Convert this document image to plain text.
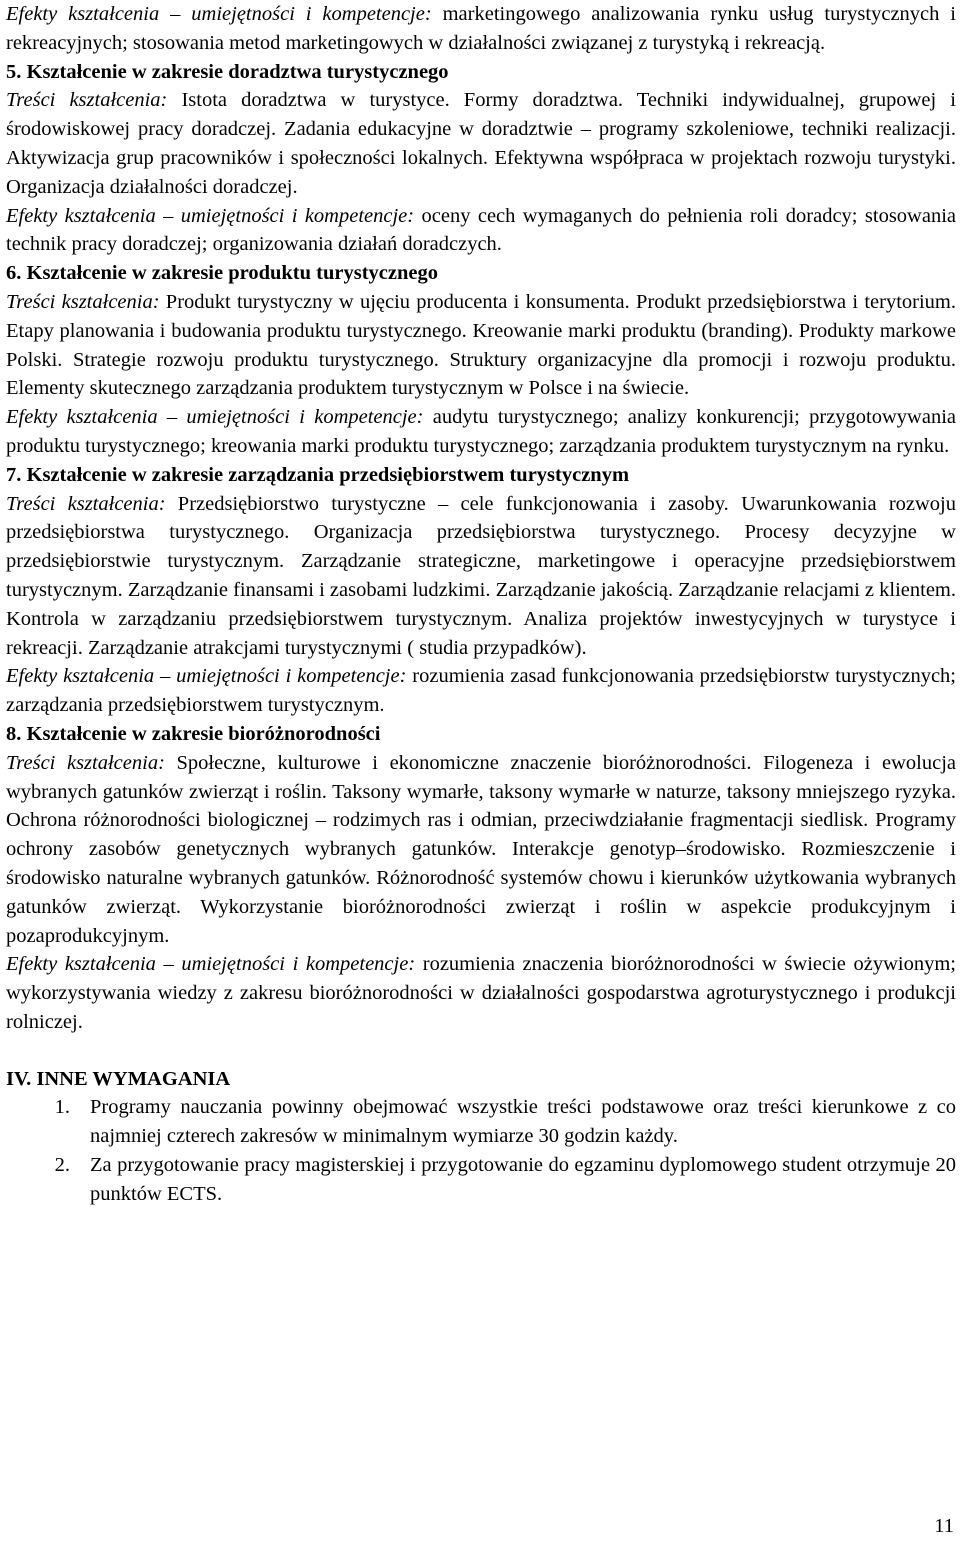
Efekty kształcenia – umiejętności i kompetencje: marketingowego analizowania rynku usług turystycznych i rekreacyjnych; stosowania metod marketingowych w działalności związanej z turystyką i rekreacją.

5. Kształcenie w zakresie doradztwa turystycznego

Treści kształcenia: Istota doradztwa w turystyce. Formy doradztwa. Techniki indywidualnej, grupowej i środowiskowej pracy doradczej. Zadania edukacyjne w doradztwie – programy szkoleniowe, techniki realizacji. Aktywizacja grup pracowników i społeczności lokalnych. Efektywna współpraca w projektach rozwoju turystyki. Organizacja działalności doradczej.

Efekty kształcenia – umiejętności i kompetencje: oceny cech wymaganych do pełnienia roli doradcy; stosowania technik pracy doradczej; organizowania działań doradczych.

6. Kształcenie w zakresie produktu turystycznego

Treści kształcenia: Produkt turystyczny w ujęciu producenta i konsumenta. Produkt przedsiębiorstwa i terytorium. Etapy planowania i budowania produktu turystycznego. Kreowanie marki produktu (branding). Produkty markowe Polski. Strategie rozwoju produktu turystycznego. Struktury organizacyjne dla promocji i rozwoju produktu. Elementy skutecznego zarządzania produktem turystycznym w Polsce i na świecie.

Efekty kształcenia – umiejętności i kompetencje: audytu turystycznego; analizy konkurencji; przygotowywania produktu turystycznego; kreowania marki produktu turystycznego; zarządzania produktem turystycznym na rynku.

7. Kształcenie w zakresie zarządzania przedsiębiorstwem turystycznym

Treści kształcenia: Przedsiębiorstwo turystyczne – cele funkcjonowania i zasoby. Uwarunkowania rozwoju przedsiębiorstwa turystycznego. Organizacja przedsiębiorstwa turystycznego. Procesy decyzyjne w przedsiębiorstwie turystycznym. Zarządzanie strategiczne, marketingowe i operacyjne przedsiębiorstwem turystycznym. Zarządzanie finansami i zasobami ludzkimi. Zarządzanie jakością. Zarządzanie relacjami z klientem. Kontrola w zarządzaniu przedsiębiorstwem turystycznym. Analiza projektów inwestycyjnych w turystyce i rekreacji. Zarządzanie atrakcjami turystycznymi ( studia przypadków).

Efekty kształcenia – umiejętności i kompetencje: rozumienia zasad funkcjonowania przedsiębiorstw turystycznych; zarządzania przedsiębiorstwem turystycznym.

8. Kształcenie w zakresie bioróżnorodności

Treści kształcenia: Społeczne, kulturowe i ekonomiczne znaczenie bioróżnorodności. Filogeneza i ewolucja wybranych gatunków zwierząt i roślin. Taksony wymarłe, taksony wymarłe w naturze, taksony mniejszego ryzyka. Ochrona różnorodności biologicznej – rodzimych ras i odmian, przeciwdziałanie fragmentacji siedlisk. Programy ochrony zasobów genetycznych wybranych gatunków. Interakcje genotyp–środowisko. Rozmieszczenie i środowisko naturalne wybranych gatunków. Różnorodność systemów chowu i kierunków użytkowania wybranych gatunków zwierząt. Wykorzystanie bioróżnorodności zwierząt i roślin w aspekcie produkcyjnym i pozaprodukcyjnym.

Efekty kształcenia – umiejętności i kompetencje: rozumienia znaczenia bioróżnorodności w świecie ożywionym; wykorzystywania wiedzy z zakresu bioróżnorodności w działalności gospodarstwa agroturystycznego i produkcji rolniczej.

IV. INNE WYMAGANIA

1. Programy nauczania powinny obejmować wszystkie treści podstawowe oraz treści kierunkowe z co najmniej czterech zakresów w minimalnym wymiarze 30 godzin każdy.
2. Za przygotowanie pracy magisterskiej i przygotowanie do egzaminu dyplomowego student otrzymuje 20 punktów ECTS.
11
